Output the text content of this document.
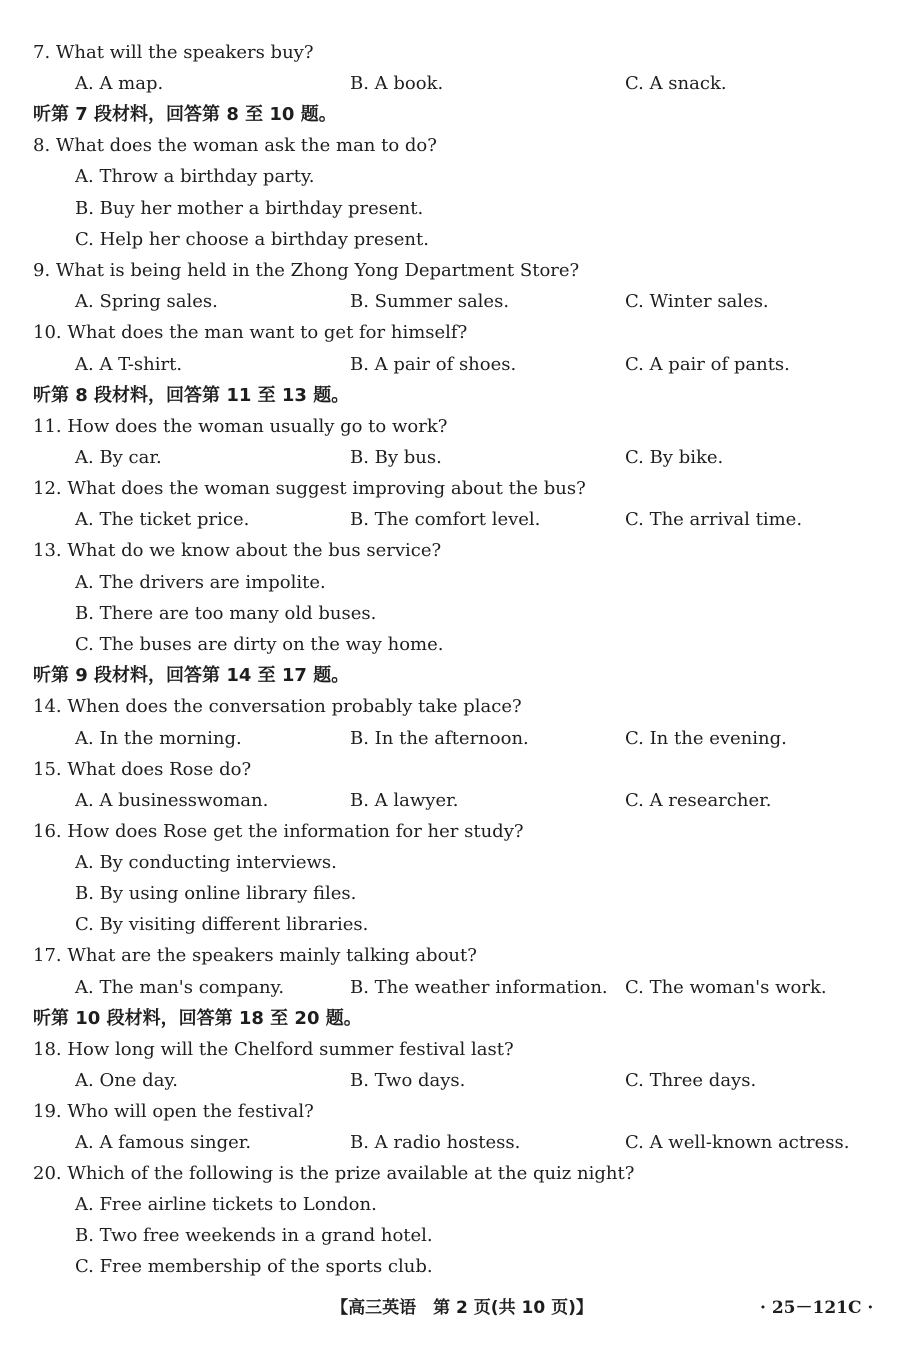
7. What will the speakers buy?
A. A map.	B. A book.	C. A snack.
听第 7 段材料，回答第 8 至 10 题。
8. What does the woman ask the man to do?
A. Throw a birthday party.
B. Buy her mother a birthday present.
C. Help her choose a birthday present.
9. What is being held in the Zhong Yong Department Store?
A. Spring sales.	B. Summer sales.	C. Winter sales.
10. What does the man want to get for himself?
A. A T-shirt.	B. A pair of shoes.	C. A pair of pants.
听第 8 段材料，回答第 11 至 13 题。
11. How does the woman usually go to work?
A. By car.	B. By bus.	C. By bike.
12. What does the woman suggest improving about the bus?
A. The ticket price.	B. The comfort level.	C. The arrival time.
13. What do we know about the bus service?
A. The drivers are impolite.
B. There are too many old buses.
C. The buses are dirty on the way home.
听第 9 段材料，回答第 14 至 17 题。
14. When does the conversation probably take place?
A. In the morning.	B. In the afternoon.	C. In the evening.
15. What does Rose do?
A. A businesswoman.	B. A lawyer.	C. A researcher.
16. How does Rose get the information for her study?
A. By conducting interviews.
B. By using online library files.
C. By visiting different libraries.
17. What are the speakers mainly talking about?
A. The man's company.	B. The weather information. C. The woman's work.
听第 10 段材料，回答第 18 至 20 题。
18. How long will the Chelford summer festival last?
A. One day.	B. Two days.	C. Three days.
19. Who will open the festival?
A. A famous singer.	B. A radio hostess.	C. A well-known actress.
20. Which of the following is the prize available at the quiz night?
A. Free airline tickets to London.
B. Two free weekends in a grand hotel.
C. Free membership of the sports club.
【高三英语　第 2 页(共 10 页)】	· 25－121C ·
